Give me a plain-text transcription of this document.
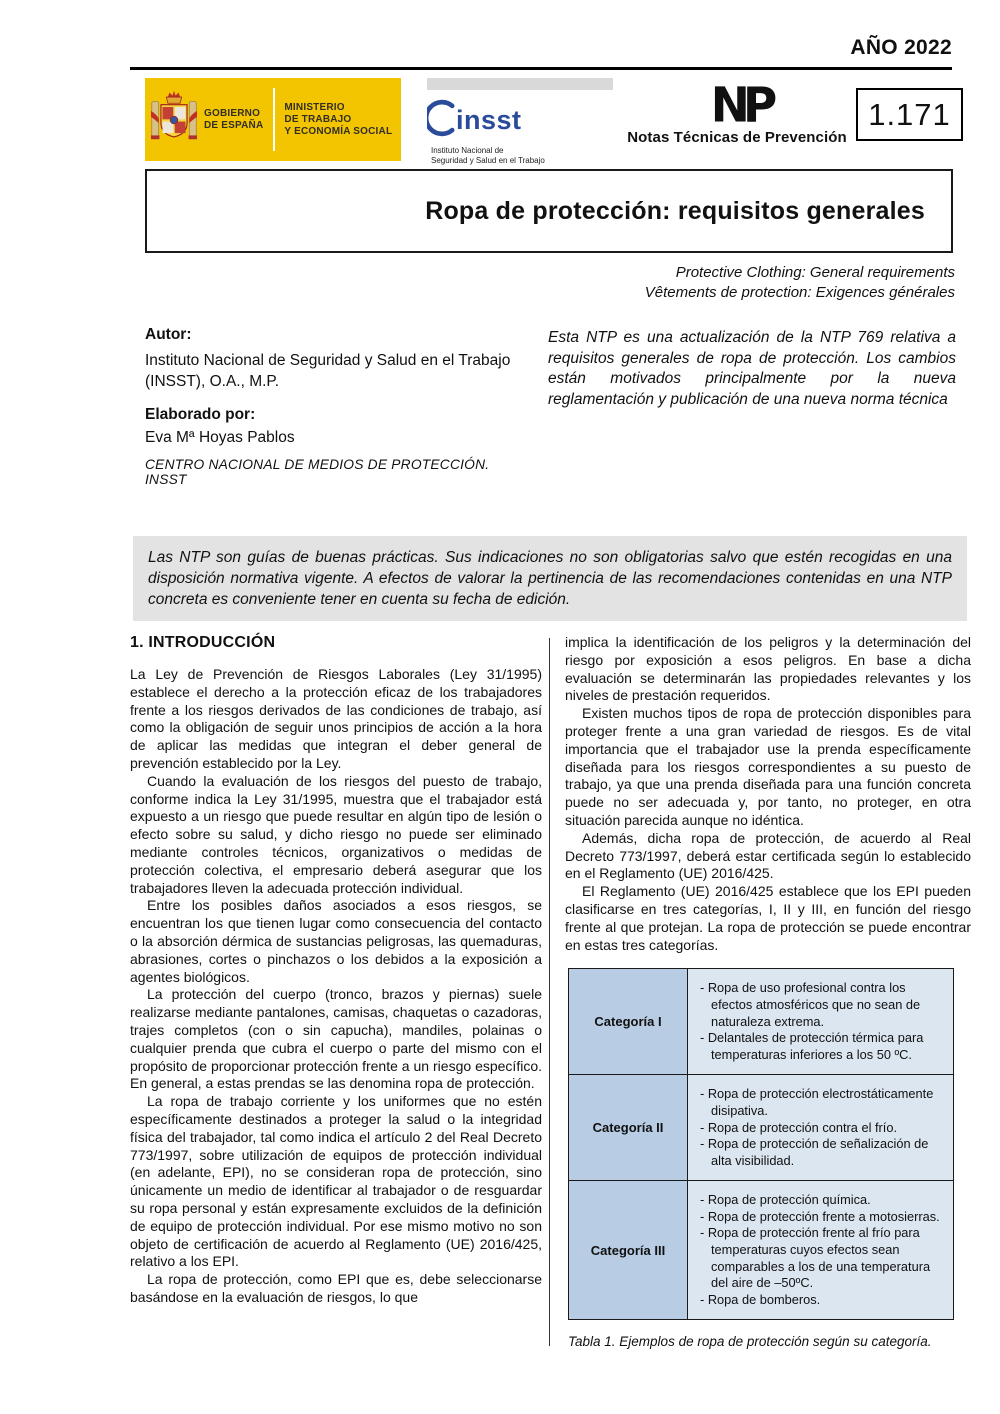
AÑO 2022
GOBIERNO
DE ESPAÑA
MINISTERIO
DE TRABAJO
Y ECONOMÍA SOCIAL insst
Instituto Nacional de
Seguridad y Salud en el Trabajo
NP
Notas Técnicas de Prevención
1.171
Ropa de protección: requisitos generales
Protective Clothing: General requirements
Vêtements de protection: Exigences générales
Autor:
Instituto Nacional de Seguridad y Salud en el Trabajo (INSST), O.A., M.P.
Elaborado por:
Eva Mª Hoyas Pablos
CENTRO NACIONAL DE MEDIOS DE PROTECCIÓN. INSST
Esta NTP es una actualización de la NTP 769 relativa a requisitos generales de ropa de protección. Los cambios están motivados principalmente por la nueva reglamentación y publicación de una nueva norma técnica
Las NTP son guías de buenas prácticas. Sus indicaciones no son obligatorias salvo que estén recogidas en una disposición normativa vigente. A efectos de valorar la pertinencia de las recomendaciones contenidas en una NTP concreta es conveniente tener en cuenta su fecha de edición.
1. INTRODUCCIÓN

La Ley de Prevención de Riesgos Laborales (Ley 31/1995) establece el derecho a la protección eficaz de los trabajadores frente a los riesgos derivados de las condiciones de trabajo, así como la obligación de seguir unos principios de acción a la hora de aplicar las medidas que integran el deber general de prevención establecido por la Ley.

Cuando la evaluación de los riesgos del puesto de trabajo, conforme indica la Ley 31/1995, muestra que el trabajador está expuesto a un riesgo que puede resultar en algún tipo de lesión o efecto sobre su salud, y dicho riesgo no puede ser eliminado mediante controles técnicos, organizativos o medidas de protección colectiva, el empresario deberá asegurar que los trabajadores lleven la adecuada protección individual.

Entre los posibles daños asociados a esos riesgos, se encuentran los que tienen lugar como consecuencia del contacto o la absorción dérmica de sustancias peligrosas, las quemaduras, abrasiones, cortes o pinchazos o los debidos a la exposición a agentes biológicos.

La protección del cuerpo (tronco, brazos y piernas) suele realizarse mediante pantalones, camisas, chaquetas o cazadoras, trajes completos (con o sin capucha), mandiles, polainas o cualquier prenda que cubra el cuerpo o parte del mismo con el propósito de proporcionar protección frente a un riesgo específico. En general, a estas prendas se las denomina ropa de protección.

La ropa de trabajo corriente y los uniformes que no estén específicamente destinados a proteger la salud o la integridad física del trabajador, tal como indica el artículo 2 del Real Decreto 773/1997, sobre utilización de equipos de protección individual (en adelante, EPI), no se consideran ropa de protección, sino únicamente un medio de identificar al trabajador o de resguardar su ropa personal y están expresamente excluidos de la definición de equipo de protección individual. Por ese mismo motivo no son objeto de certificación de acuerdo al Reglamento (UE) 2016/425, relativo a los EPI.

La ropa de protección, como EPI que es, debe seleccionarse basándose en la evaluación de riesgos, lo que

implica la identificación de los peligros y la determinación del riesgo por exposición a esos peligros. En base a dicha evaluación se determinarán las propiedades relevantes y los niveles de prestación requeridos.

Existen muchos tipos de ropa de protección disponibles para proteger frente a una gran variedad de riesgos. Es de vital importancia que el trabajador use la prenda específicamente diseñada para los riesgos correspondientes a su puesto de trabajo, ya que una prenda diseñada para una función concreta puede no ser adecuada y, por tanto, no proteger, en otra situación parecida aunque no idéntica.

Además, dicha ropa de protección, de acuerdo al Real Decreto 773/1997, deberá estar certificada según lo establecido en el Reglamento (UE) 2016/425.

El Reglamento (UE) 2016/425 establece que los EPI pueden clasificarse en tres categorías, I, II y III, en función del riesgo frente al que protejan. La ropa de protección se puede encontrar en estas tres categorías.

Categoría I	- Ropa de uso profesional contra los efectos atmosféricos que no sean de naturaleza extrema.
- Delantales de protección térmica para temperaturas inferiores a los 50 ºC.

Categoría II	- Ropa de protección electrostáticamente disipativa.
- Ropa de protección contra el frío.
- Ropa de protección de señalización de alta visibilidad.

Categoría III	- Ropa de protección química.
- Ropa de protección frente a motosierras.
- Ropa de protección frente al frío para temperaturas cuyos efectos sean comparables a los de una temperatura del aire de –50ºC.
- Ropa de bomberos.
Tabla 1. Ejemplos de ropa de protección según su categoría.
